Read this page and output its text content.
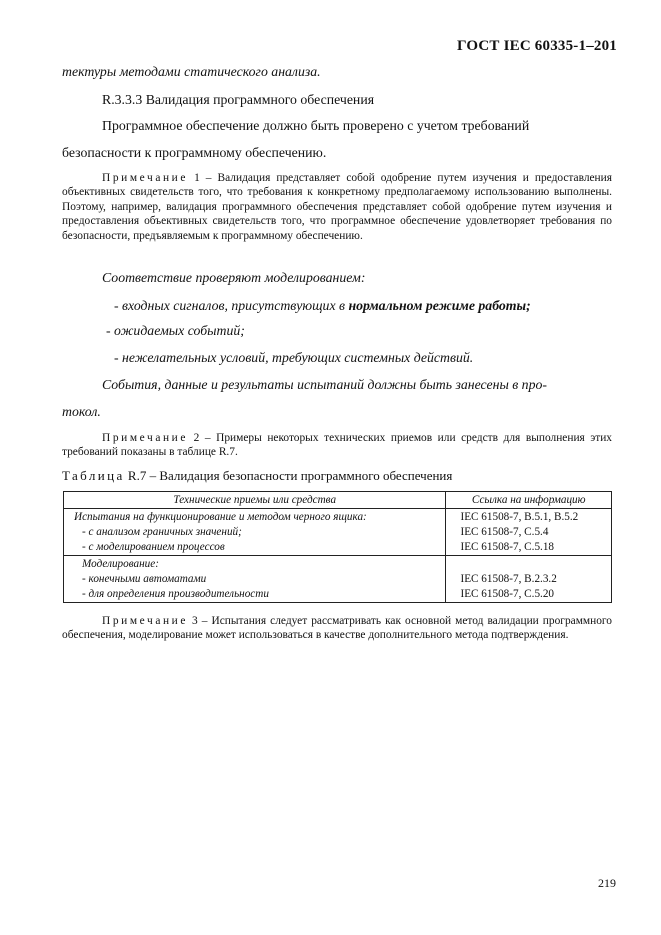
ГОСТ IEC 60335-1–201
тектуры методами статического анализа.
R.3.3.3 Валидация программного обеспечения
Программное обеспечение должно быть проверено с учетом требований
безопасности к программному обеспечению.
Примечание 1 – Валидация представляет собой одобрение путем изучения и предоставления объективных свидетельств того, что требования к конкретному предполагаемому использованию выполнены. Поэтому, например, валидация программного обеспечения представляет собой одобрение путем изучения и предоставления объективных свидетельств того, что программное обеспечение удовлетворяет требования по безопасности, предъявляемым к программному обеспечению.
Соответствие проверяют моделированием:
- входных сигналов, присутствующих в нормальном режиме работы;
- ожидаемых событий;
- нежелательных условий, требующих системных действий.
События, данные и результаты испытаний должны быть занесены в про-
токол.
Примечание 2 – Примеры некоторых технических приемов или средств для выполнения этих требований показаны в таблице R.7.
Таблица R.7 – Валидация безопасности программного обеспечения
Технические приемы или средства	Ссылка на информацию
Испытания на функционирование и методом черного ящика:	IEC 61508-7, B.5.1, B.5.2
- с анализом граничных значений;	IEC 61508-7, C.5.4
- с моделированием процессов	IEC 61508-7, C.5.18
Моделирование:	
- конечными автоматами	IEC 61508-7, B.2.3.2
- для определения производительности	IEC 61508-7, C.5.20
Примечание 3 – Испытания следует рассматривать как основной метод валидации программного обеспечения, моделирование может использоваться в качестве дополнительного метода подтверждения.
219
